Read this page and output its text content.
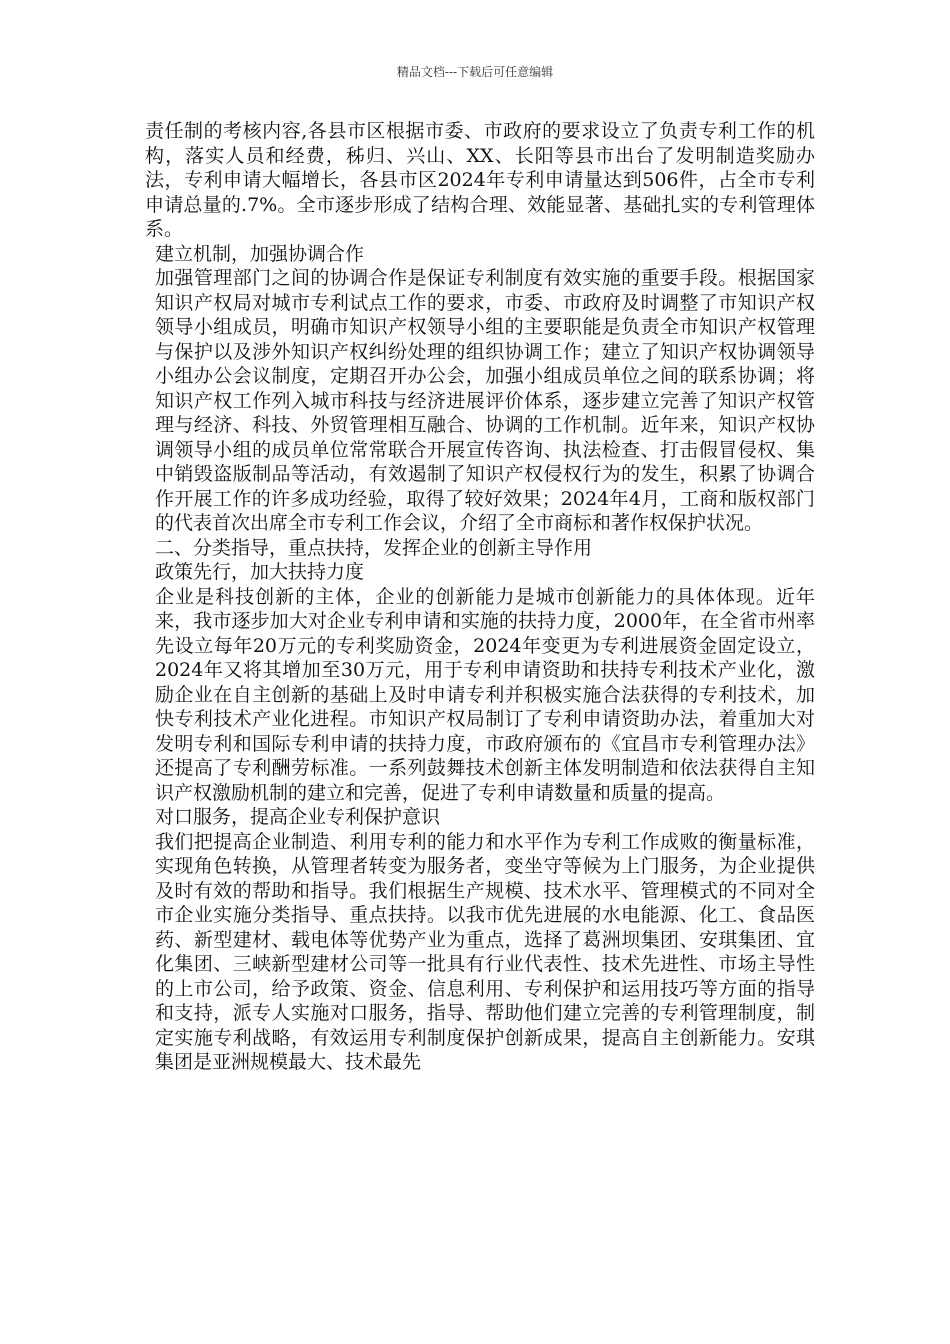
精品文档---下载后可任意编辑

责任制的考核内容,各县市区根据市委、市政府的要求设立了负责专利工作的机构，落实人员和经费，秭归、兴山、XX、长阳等县市出台了发明制造奖励办法，专利申请大幅增长，各县市区2024年专利申请量达到506件，占全市专利申请总量的.7%。全市逐步形成了结构合理、效能显著、基础扎实的专利管理体系。

建立机制，加强协调合作

加强管理部门之间的协调合作是保证专利制度有效实施的重要手段。根据国家知识产权局对城市专利试点工作的要求，市委、市政府及时调整了市知识产权领导小组成员，明确市知识产权领导小组的主要职能是负责全市知识产权管理与保护以及涉外知识产权纠纷处理的组织协调工作；建立了知识产权协调领导小组办公会议制度，定期召开办公会，加强小组成员单位之间的联系协调；将知识产权工作列入城市科技与经济进展评价体系，逐步建立完善了知识产权管理与经济、科技、外贸管理相互融合、协调的工作机制。近年来，知识产权协调领导小组的成员单位常常联合开展宣传咨询、执法检查、打击假冒侵权、集中销毁盗版制品等活动，有效遏制了知识产权侵权行为的发生，积累了协调合作开展工作的许多成功经验，取得了较好效果；2024年4月，工商和版权部门的代表首次出席全市专利工作会议，介绍了全市商标和著作权保护状况。

二、分类指导，重点扶持，发挥企业的创新主导作用

政策先行，加大扶持力度

企业是科技创新的主体，企业的创新能力是城市创新能力的具体体现。近年来，我市逐步加大对企业专利申请和实施的扶持力度，2000年，在全省市州率先设立每年20万元的专利奖励资金，2024年变更为专利进展资金固定设立，2024年又将其增加至30万元，用于专利申请资助和扶持专利技术产业化，激励企业在自主创新的基础上及时申请专利并积极实施合法获得的专利技术，加快专利技术产业化进程。市知识产权局制订了专利申请资助办法，着重加大对发明专利和国际专利申请的扶持力度，市政府颁布的《宜昌市专利管理办法》还提高了专利酬劳标准。一系列鼓舞技术创新主体发明制造和依法获得自主知识产权激励机制的建立和完善，促进了专利申请数量和质量的提高。

对口服务，提高企业专利保护意识

我们把提高企业制造、利用专利的能力和水平作为专利工作成败的衡量标准，实现角色转换，从管理者转变为服务者，变坐守等候为上门服务，为企业提供及时有效的帮助和指导。我们根据生产规模、技术水平、管理模式的不同对全市企业实施分类指导、重点扶持。以我市优先进展的水电能源、化工、食品医药、新型建材、载电体等优势产业为重点，选择了葛洲坝集团、安琪集团、宜化集团、三峡新型建材公司等一批具有行业代表性、技术先进性、市场主导性的上市公司，给予政策、资金、信息利用、专利保护和运用技巧等方面的指导和支持，派专人实施对口服务，指导、帮助他们建立完善的专利管理制度，制定实施专利战略，有效运用专利制度保护创新成果，提高自主创新能力。安琪集团是亚洲规模最大、技术最先
